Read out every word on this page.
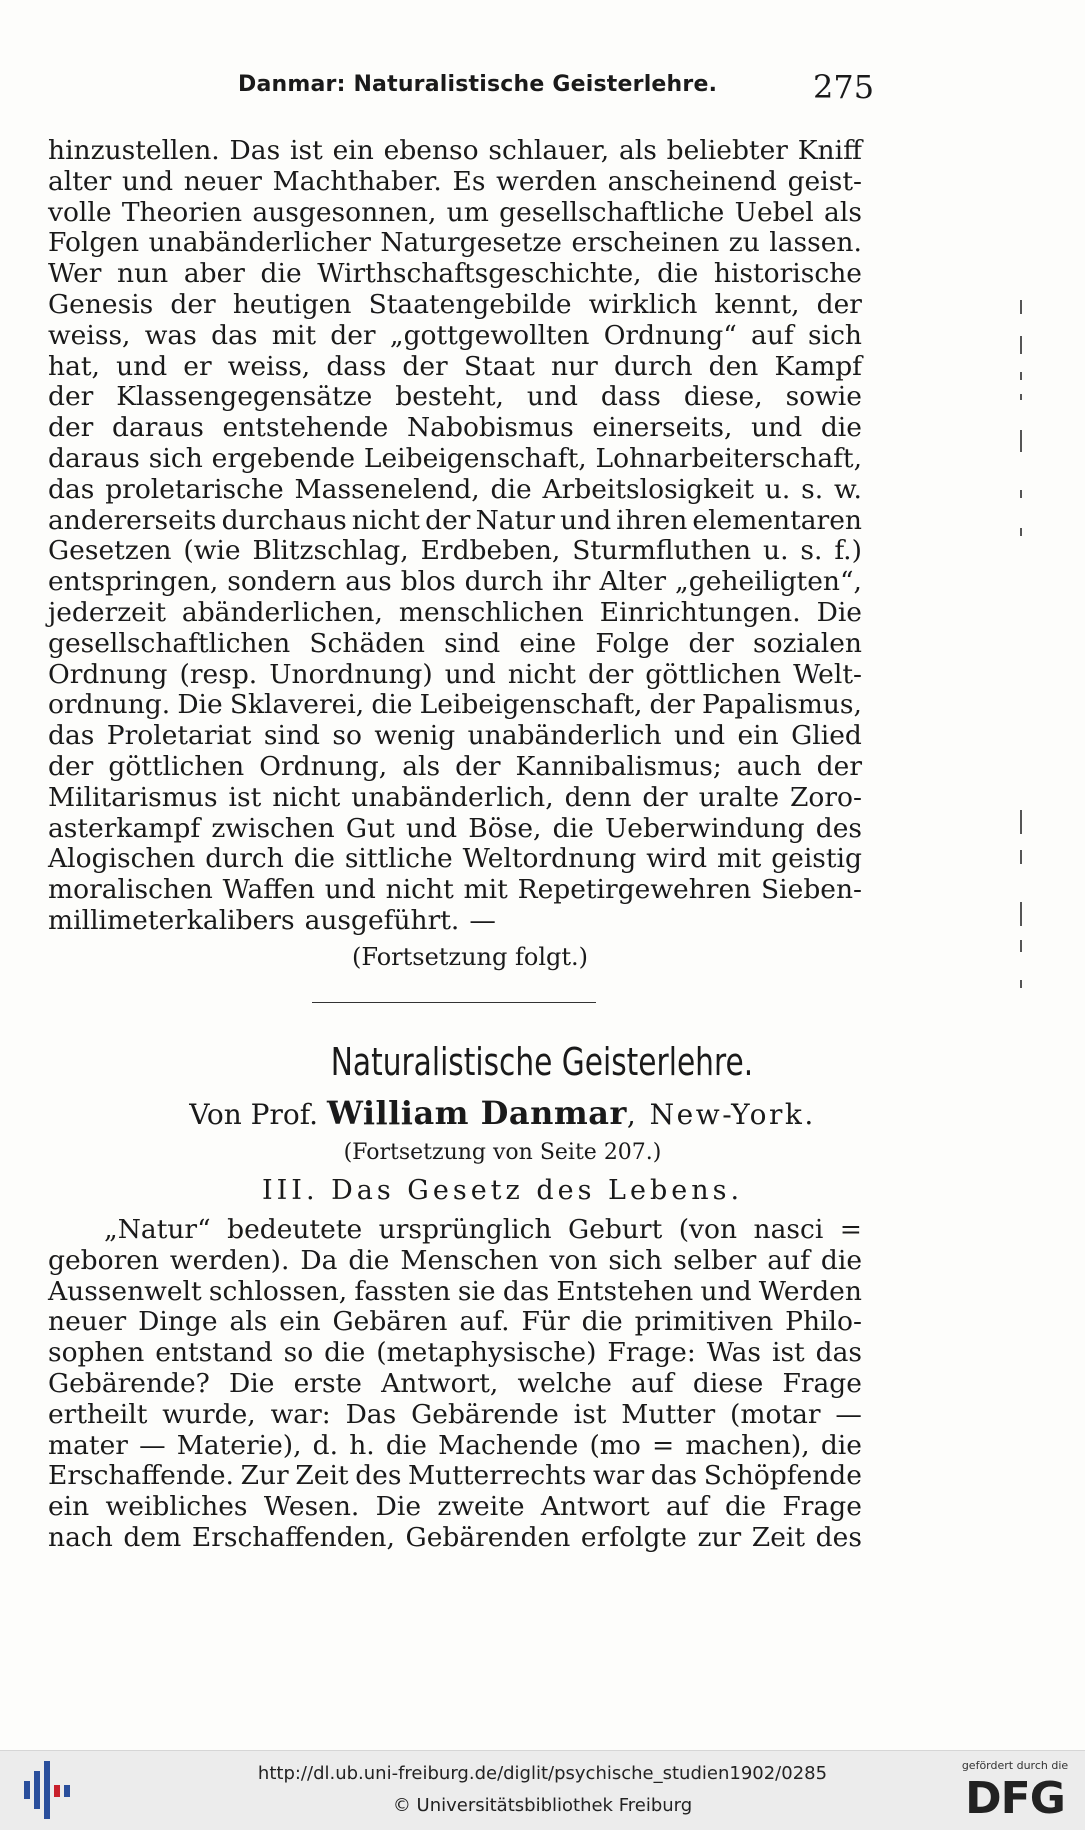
Danmar: Naturalistische Geisterlehre.	275
hinzustellen. Das ist ein ebenso schlauer, als beliebter Kniff
alter und neuer Machthaber. Es werden anscheinend geist-
volle Theorien ausgesonnen, um gesellschaftliche Uebel als
Folgen unabänderlicher Naturgesetze erscheinen zu lassen.
Wer nun aber die Wirthschaftsgeschichte, die historische
Genesis der heutigen Staatengebilde wirklich kennt, der
weiss, was das mit der „gottgewollten Ordnung“ auf sich
hat, und er weiss, dass der Staat nur durch den Kampf
der Klassengegensätze besteht, und dass diese, sowie
der daraus entstehende Nabobismus einerseits, und die
daraus sich ergebende Leibeigenschaft, Lohnarbeiterschaft,
das proletarische Massenelend, die Arbeitslosigkeit u. s. w.
andererseits durchaus nicht der Natur und ihren elementaren
Gesetzen (wie Blitzschlag, Erdbeben, Sturmfluthen u. s. f.)
entspringen, sondern aus blos durch ihr Alter „geheiligten“,
jederzeit abänderlichen, menschlichen Einrichtungen. Die
gesellschaftlichen Schäden sind eine Folge der sozialen
Ordnung (resp. Unordnung) und nicht der göttlichen Welt-
ordnung. Die Sklaverei, die Leibeigenschaft, der Papalismus,
das Proletariat sind so wenig unabänderlich und ein Glied
der göttlichen Ordnung, als der Kannibalismus; auch der
Militarismus ist nicht unabänderlich, denn der uralte Zoro-
asterkampf zwischen Gut und Böse, die Ueberwindung des
Alogischen durch die sittliche Weltordnung wird mit geistig
moralischen Waffen und nicht mit Repetirgewehren Sieben-
millimeterkalibers ausgeführt. —
(Fortsetzung folgt.)
Naturalistische Geisterlehre.
Von Prof. William Danmar, New-York.
(Fortsetzung von Seite 207.)
III. Das Gesetz des Lebens.
„Natur“ bedeutete ursprünglich Geburt (von nasci =
geboren werden). Da die Menschen von sich selber auf die
Aussenwelt schlossen, fassten sie das Entstehen und Werden
neuer Dinge als ein Gebären auf. Für die primitiven Philo-
sophen entstand so die (metaphysische) Frage: Was ist das
Gebärende? Die erste Antwort, welche auf diese Frage
ertheilt wurde, war: Das Gebärende ist Mutter (motar —
mater — Materie), d. h. die Machende (mo = machen), die
Erschaffende. Zur Zeit des Mutterrechts war das Schöpfende
ein weibliches Wesen. Die zweite Antwort auf die Frage
nach dem Erschaffenden, Gebärenden erfolgte zur Zeit des
http://dl.ub.uni-freiburg.de/diglit/psychische_studien1902/0285
© Universitätsbibliothek Freiburg
gefördert durch die
DFG
